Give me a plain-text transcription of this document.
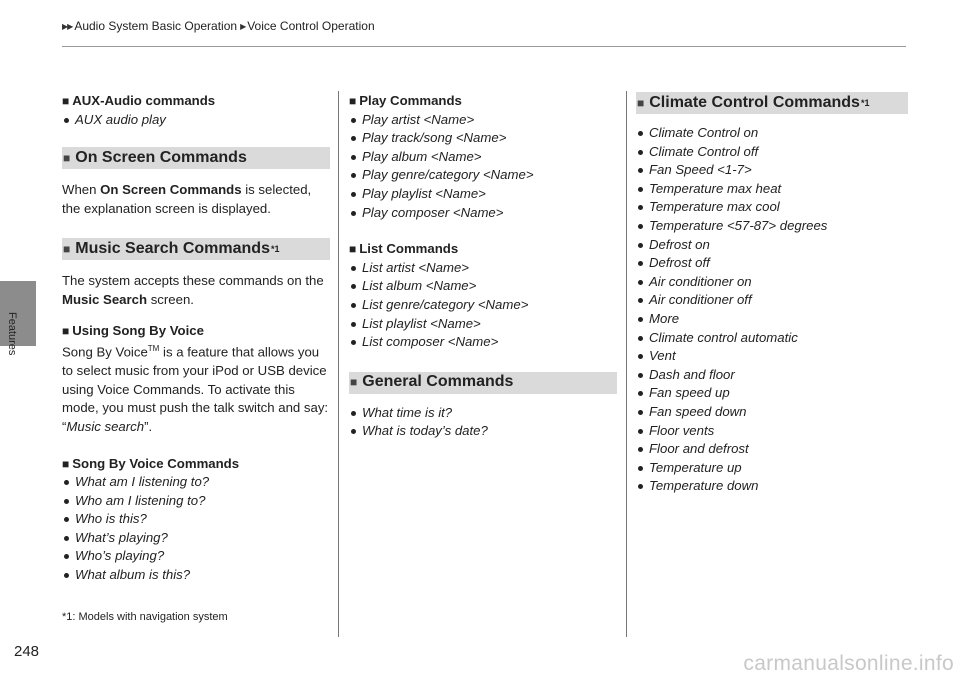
▶▶ Audio System Basic Operation ▶ Voice Control Operation
Features
■ AUX-Audio commands
AUX audio play
■ On Screen Commands

When On Screen Commands is selected, the explanation screen is displayed.

■ Music Search Commands *1

The system accepts these commands on the Music Search screen.

■ Using Song By Voice

Song By Voice™ is a feature that allows you to select music from your iPod or USB device using Voice Commands. To activate this mode, you must push the talk switch and say: “Music search”.

■ Song By Voice Commands
What am I listening to?
Who am I listening to?
Who is this?
What’s playing?
Who’s playing?
What album is this?
■ Play Commands
Play artist <Name>
Play track/song <Name>
Play album <Name>
Play genre/category <Name>
Play playlist <Name>
Play composer <Name>
■ List Commands
List artist <Name>
List album <Name>
List genre/category <Name>
List playlist <Name>
List composer <Name>
■ General Commands
What time is it?
What is today’s date?
■ Climate Control Commands *1
Climate Control on
Climate Control off
Fan Speed <1-7>
Temperature max heat
Temperature max cool
Temperature <57-87> degrees
Defrost on
Defrost off
Air conditioner on
Air conditioner off
More
Climate control automatic
Vent
Dash and floor
Fan speed up
Fan speed down
Floor vents
Floor and defrost
Temperature up
Temperature down
*1: Models with navigation system
248
carmanualsonline.info
